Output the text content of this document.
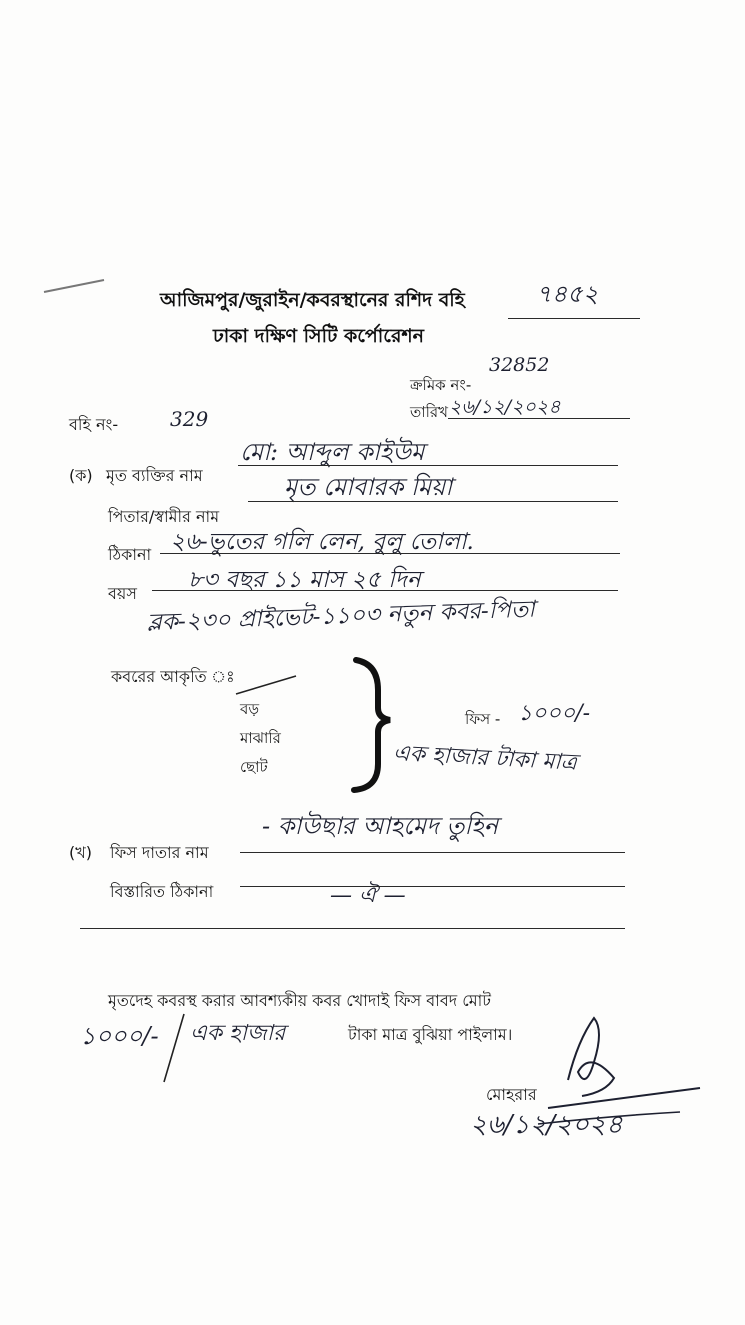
আজিমপুর/জুরাইন/কবরস্থানের রশিদ বহি	৭৪৫২
ঢাকা দক্ষিণ সিটি কর্পোরেশন
ক্রমিক নং-
32852
তারিখ ২৬/১২/২০২৪
বহি নং-	329
(ক) মৃত ব্যক্তির নাম
মো: আব্দুল কাইউম
পিতার/স্বামীর নাম
মৃত মোবারক মিয়া
ঠিকানা ২৬-ভুতের গলি লেন, বুলু তোলা.
বয়স
৮৩ বছর ১১ মাস ২৫ দিন
ব্লক-২৩০ প্রাইভেট-১১০৩ নতুন কবর-পিতা
কবরের আকৃতি ঃ
বড়
মাঝারি
ছোট
ফিস - ১০০০/-
এক হাজার টাকা মাত্র
- কাউছার আহমেদ তুহিন
(খ) ফিস দাতার নাম
বিস্তারিত ঠিকানা	— ঐ —
মৃতদেহ কবরস্থ করার আবশ্যকীয় কবর খোদাই ফিস বাবদ মোট
১০০০/- এক হাজার	টাকা মাত্র বুঝিয়া পাইলাম।
মোহরার
২৬/১২/২০২৪
